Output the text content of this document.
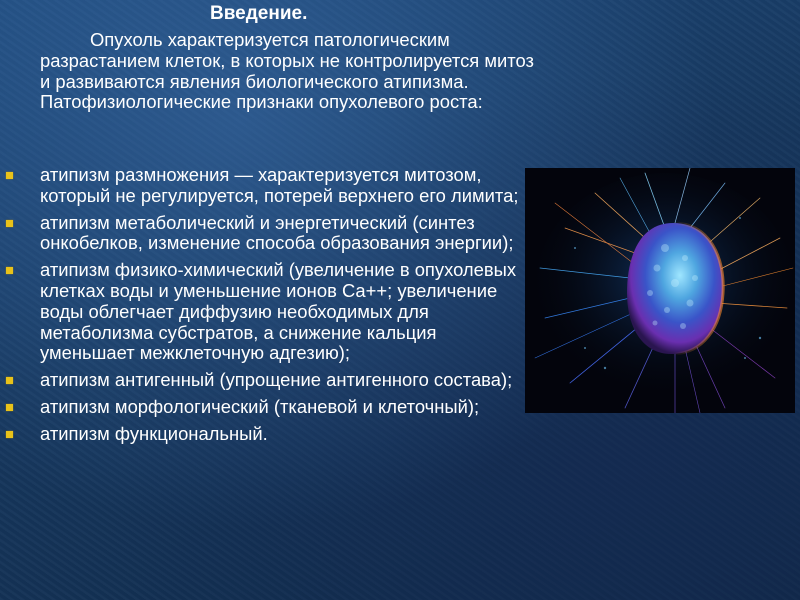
Введение.

Опухоль характеризуется патологическим разрастанием клеток, в которых не контролируется митоз и развиваются явления биологического атипизма.

Патофизиологические признаки опухолевого роста:

атипизм размножения — характеризуется митозом, который не регулируется, потерей верхнего его лимита;
атипизм метаболический и энергетический (синтез онкобелков, изменение способа образования энергии);
атипизм физико-химический (увеличение в опухолевых клетках воды и уменьшение ионов Са++; увеличение воды облегчает диффузию необходимых для метаболизма субстратов, а снижение кальция уменьшает межклеточную адгезию);
атипизм антигенный (упрощение антигенного состава);
атипизм морфологический (тканевой и клеточный);
атипизм функциональный.
